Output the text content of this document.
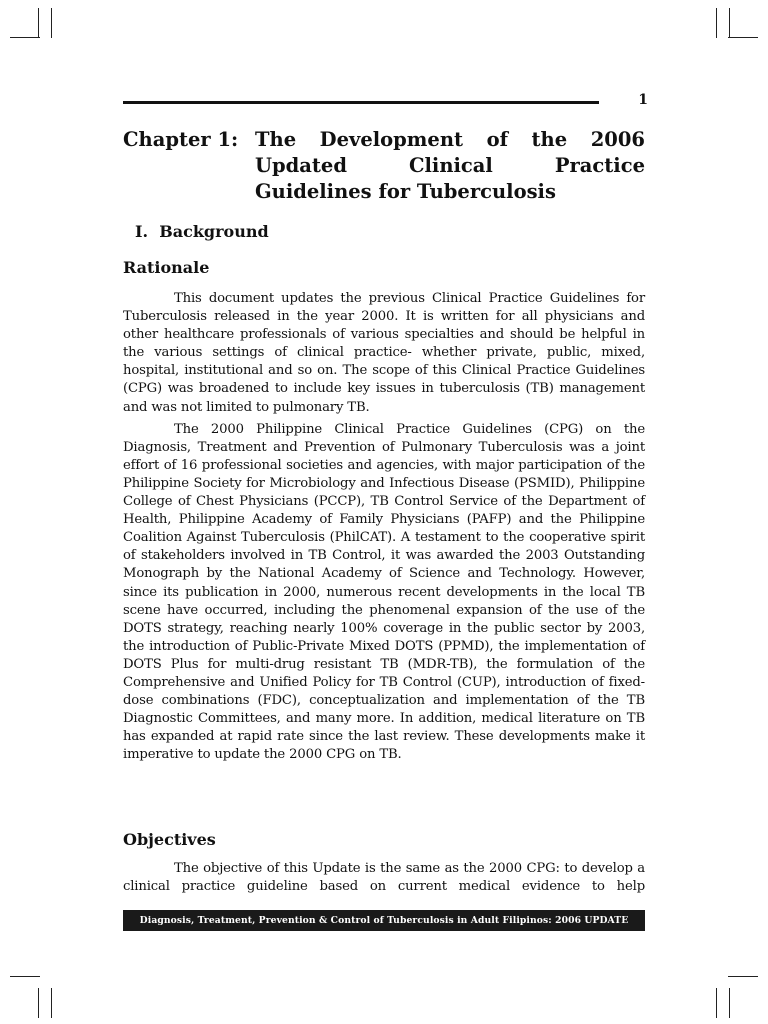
1
Chapter 1: The Development of the 2006 Updated Clinical Practice Guidelines for Tuberculosis
I.  Background
Rationale

This document updates the previous Clinical Practice Guidelines for Tuberculosis released in the year 2000. It is written for all physicians and other healthcare professionals of various specialties and should be helpful in the various settings of clinical practice- whether private, public, mixed, hospital, institutional and so on. The scope of this Clinical Practice Guidelines (CPG) was broadened to include key issues in tuberculosis (TB) management and was not limited to pulmonary TB.

The 2000 Philippine Clinical Practice Guidelines (CPG) on the Diagnosis, Treatment and Prevention of Pulmonary Tuberculosis was a joint effort of 16 professional societies and agencies, with major participation of the Philippine Society for Microbiology and Infectious Disease (PSMID), Philippine College of Chest Physicians (PCCP), TB Control Service of the Department of Health, Philippine Academy of Family Physicians (PAFP) and the Philippine Coalition Against Tuberculosis (PhilCAT). A testament to the cooperative spirit of stakeholders involved in TB Control, it was awarded the 2003 Outstanding Monograph by the National Academy of Science and Technology. However, since its publication in 2000, numerous recent developments in the local TB scene have occurred, including the phenomenal expansion of the use of the DOTS strategy, reaching nearly 100% coverage in the public sector by 2003, the introduction of Public-Private Mixed DOTS (PPMD), the implementation of DOTS Plus for multi-drug resistant TB (MDR-TB), the formulation of the Comprehensive and Unified Policy for TB Control (CUP), introduction of fixed-dose combinations (FDC), conceptualization and implementation of the TB Diagnostic Committees, and many more. In addition, medical literature on TB has expanded at rapid rate since the last review. These developments make it imperative to update the 2000 CPG on TB.

Objectives

The objective of this Update is the same as the 2000 CPG: to develop a clinical practice guideline based on current medical evidence to help

Diagnosis, Treatment, Prevention & Control of Tuberculosis in Adult Filipinos: 2006 UPDATE
